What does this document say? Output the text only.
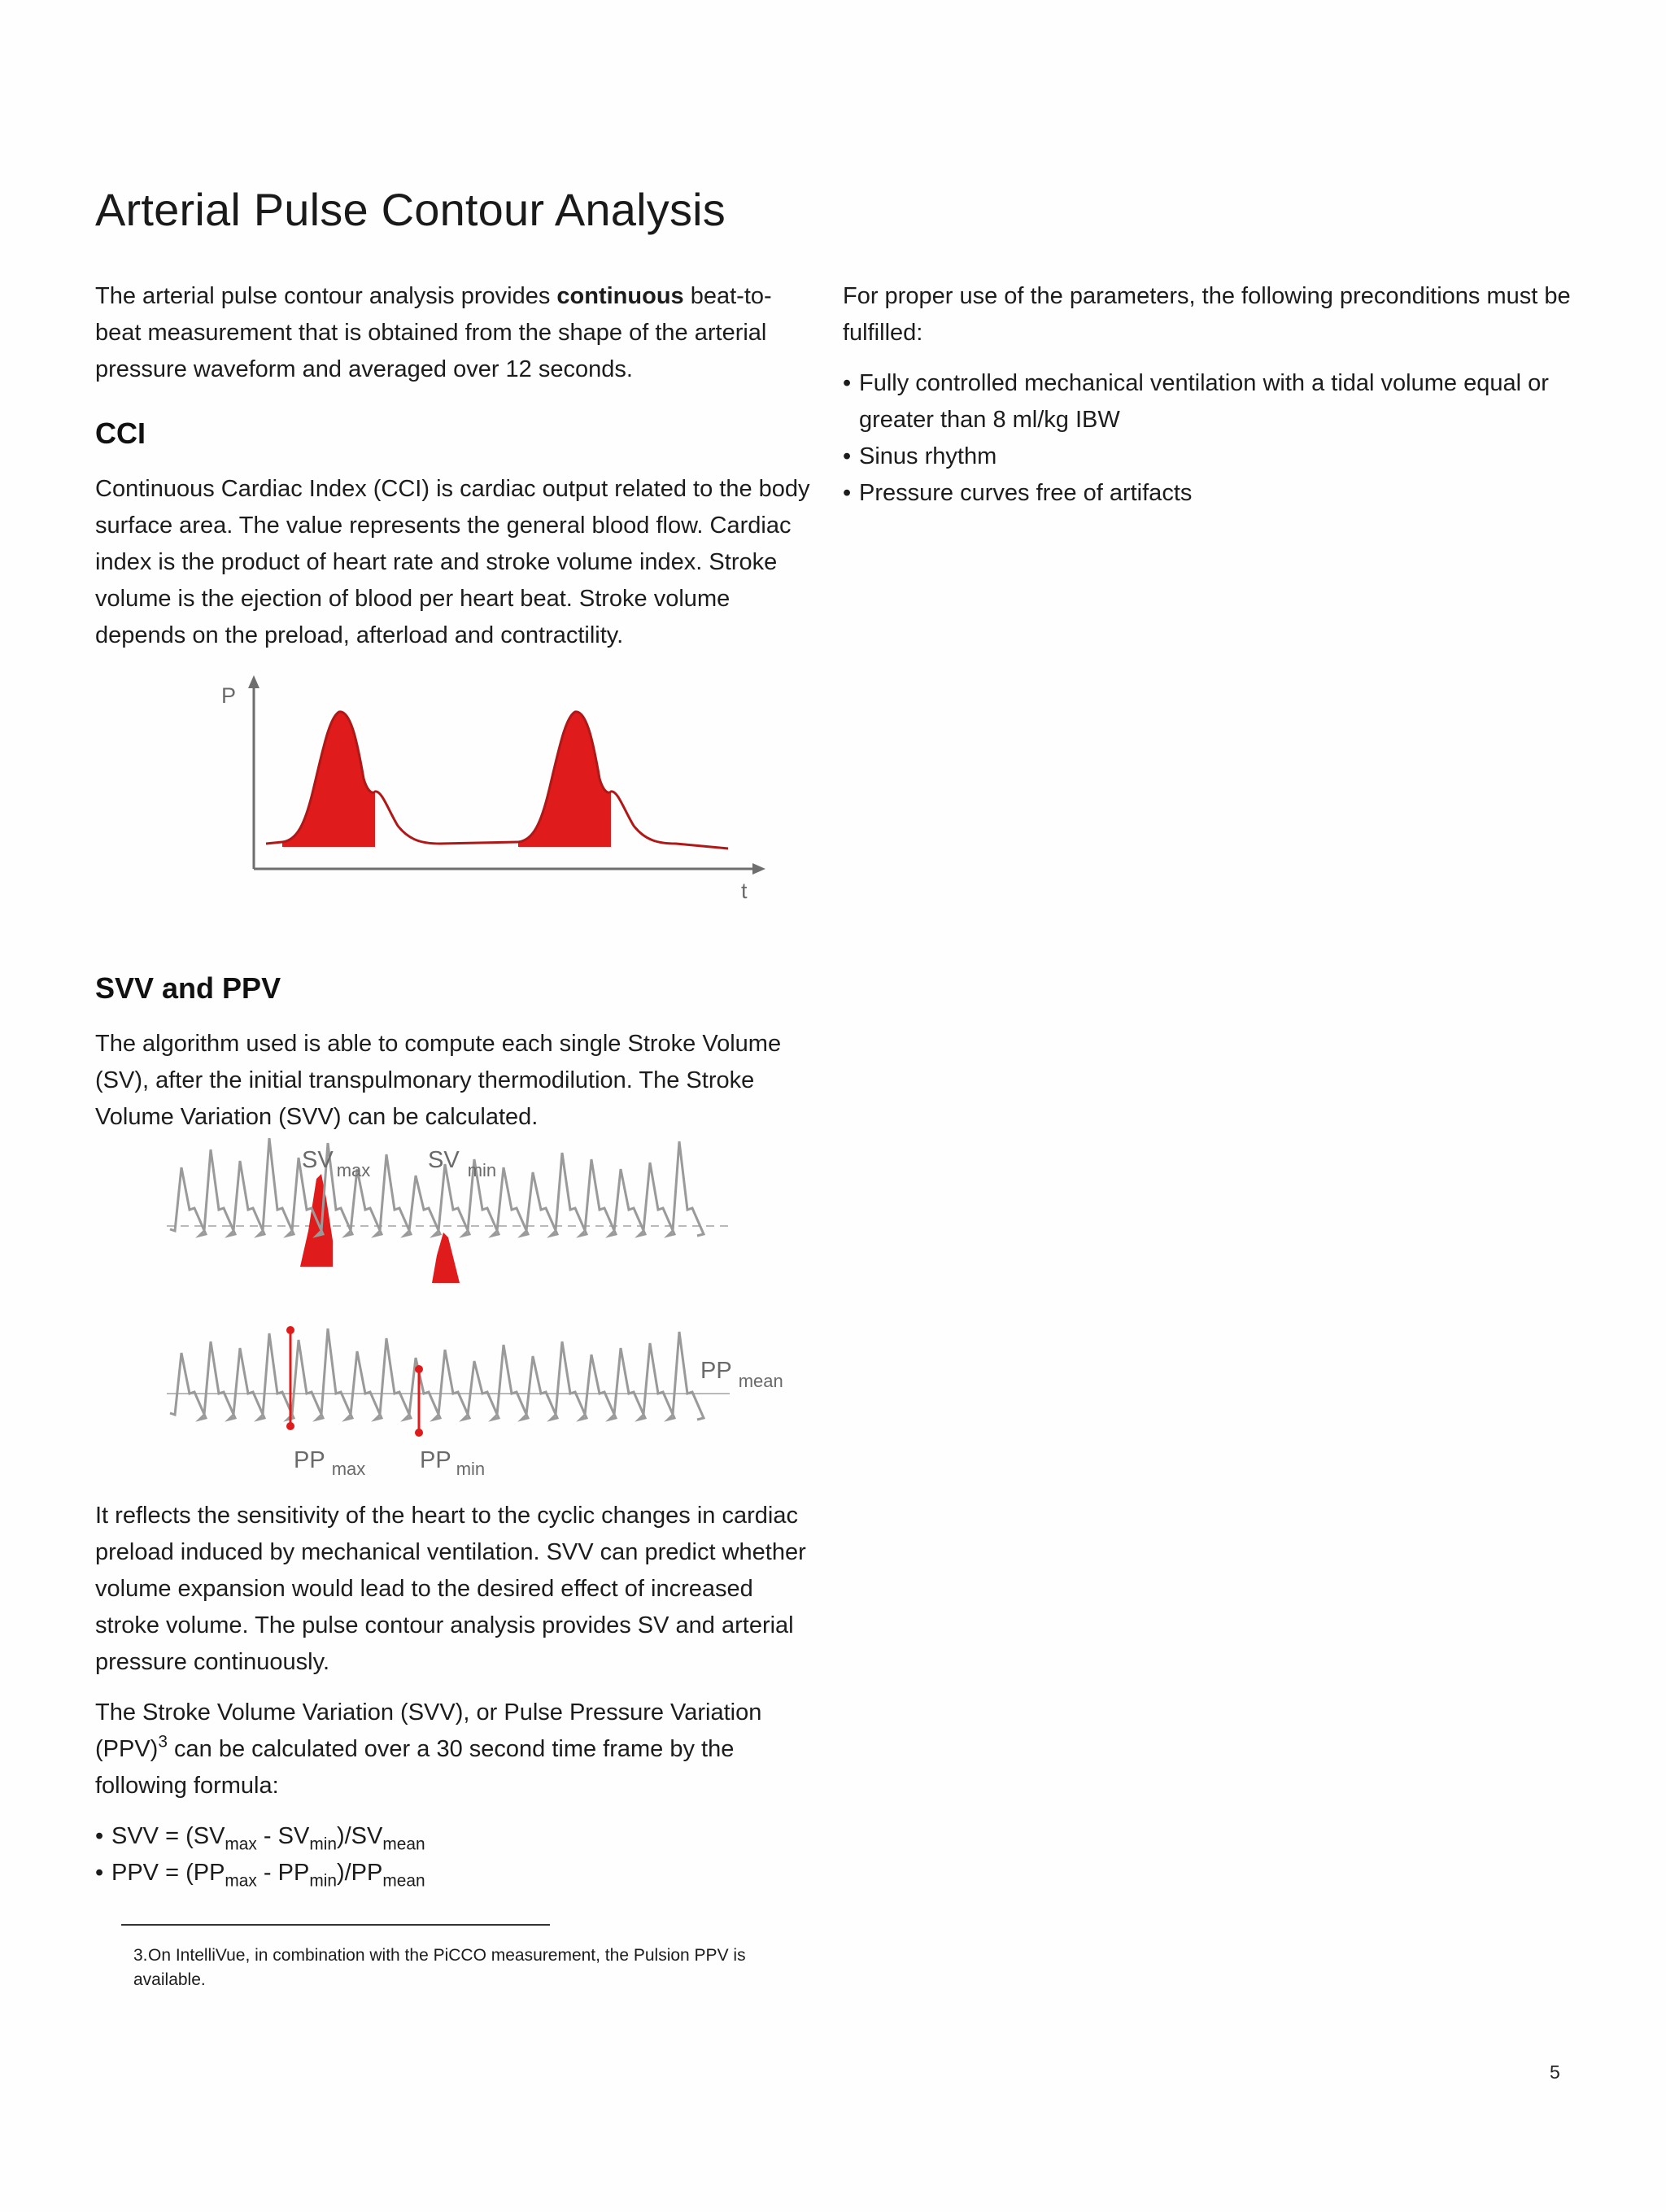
Arterial Pulse Contour Analysis

The arterial pulse contour analysis provides continuous beat-to-beat measurement that is obtained from the shape of the arterial pressure waveform and averaged over 12 seconds.

CCI

Continuous Cardiac Index (CCI) is cardiac output related to the body surface area. The value represents the general blood flow. Cardiac index is the product of heart rate and stroke volume index. Stroke volume is the ejection of blood per heart beat. Stroke volume depends on the preload, afterload and contractility.

P
t
SVV and PPV

The algorithm used is able to compute each single Stroke Volume (SV), after the initial transpulmonary thermodilution. The Stroke Volume Variation (SVV) can be calculated.

SV $_{max}$ SV $_{min}$
PP $_{mean}$
PP $_{max}$ PP $_{min}$

It reflects the sensitivity of the heart to the cyclic changes in cardiac preload induced by mechanical ventilation. SVV can predict whether volume expansion would lead to the desired effect of increased stroke volume. The pulse contour analysis provides SV and arterial pressure continuously.

The Stroke Volume Variation (SVV), or Pulse Pressure Variation (PPV)$^3$ can be calculated over a 30 second time frame by the following formula:

• SVV = $(SV_{max} - SV_{min})/SV_{mean}$
• PPV = $(PP_{max} - PP_{min})/PP_{mean}$
3.On IntelliVue, in combination with the PiCCO measurement, the Pulsion PPV is available.

For proper use of the parameters, the following preconditions must be fulfilled:

• Fully controlled mechanical ventilation with a tidal volume equal or greater than 8 ml/kg IBW
• Sinus rhythm
• Pressure curves free of artifacts
5
